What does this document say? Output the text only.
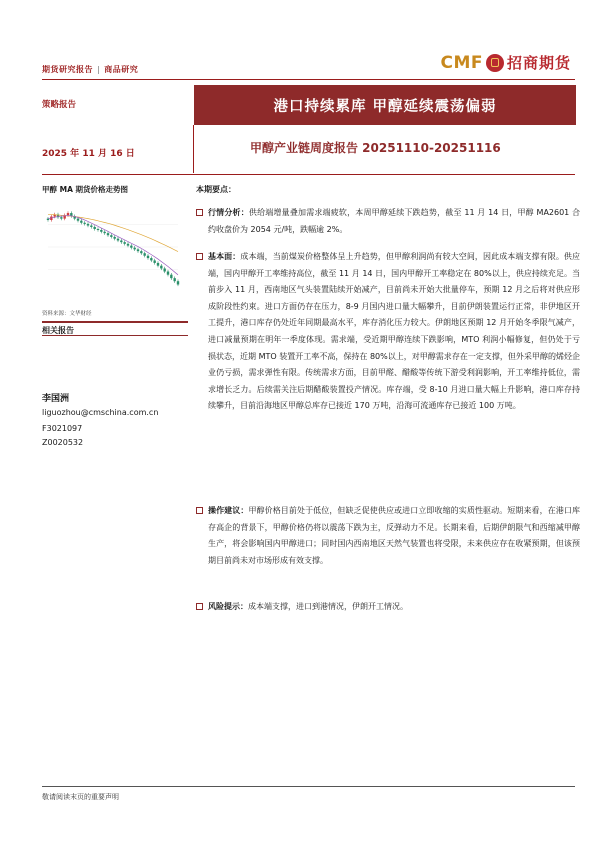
期货研究报告 | 商品研究	CMF 招商期货
策略报告	港口持续累库 甲醇延续震荡偏弱
2025 年 11 月 16 日	甲醇产业链周度报告 20251110-20251116
甲醇 MA 期货价格走势图
资料来源：文华财经
相关报告
李国洲
liguozhou@cmschina.com.cn
F3021097
Z0020532
本期要点：
行情分析：供给端增量叠加需求端疲软，本周甲醇延续下跌趋势，截至 11 月 14 日，甲醇 MA2601 合约收盘价为 2054 元/吨，跌幅逾 2%。
基本面：成本端，当前煤炭价格整体呈上升趋势，但甲醇利润尚有较大空间，因此成本端支撑有限。供应端，国内甲醇开工率维持高位，截至 11 月 14 日，国内甲醇开工率稳定在 80%以上，供应持续充足。当前步入 11 月，西南地区气头装置陆续开始减产，目前尚未开始大批量停车，预期 12 月之后将对供应形成阶段性约束。进口方面仍存在压力，8-9 月国内进口量大幅攀升，目前伊朗装置运行正常，非伊地区开工提升，港口库存仍处近年同期最高水平，库存消化压力较大。伊朗地区预期 12 月开始冬季限气减产，进口减量预期在明年一季度体现。需求端，受近期甲醇连续下跌影响，MTO 利润小幅修复，但仍处于亏损状态，近期 MTO 装置开工率不高，保持在 80%以上，对甲醇需求存在一定支撑，但外采甲醇的烯烃企业仍亏损，需求弹性有限。传统需求方面，目前甲醛、醋酸等传统下游受利润影响，开工率维持低位，需求增长乏力。后续需关注后期醋酸装置投产情况。库存端，受 8-10 月进口量大幅上升影响，港口库存持续攀升，目前沿海地区甲醇总库存已接近 170 万吨，沿海可流通库存已接近 100 万吨。
操作建议：甲醇价格目前处于低位，但缺乏促使供应或进口立即收缩的实质性驱动。短期来看，在港口库存高企的背景下，甲醇价格仍将以震荡下跌为主，反弹动力不足。长期来看，后期伊朗限气和西缩减甲醇生产，将会影响国内甲醇进口；同时国内西南地区天然气装置也将受限，未来供应存在收紧预期，但该预期目前尚未对市场形成有效支撑。
风险提示：成本端支撑，进口到港情况，伊朗开工情况。
敬请阅读末页的重要声明
